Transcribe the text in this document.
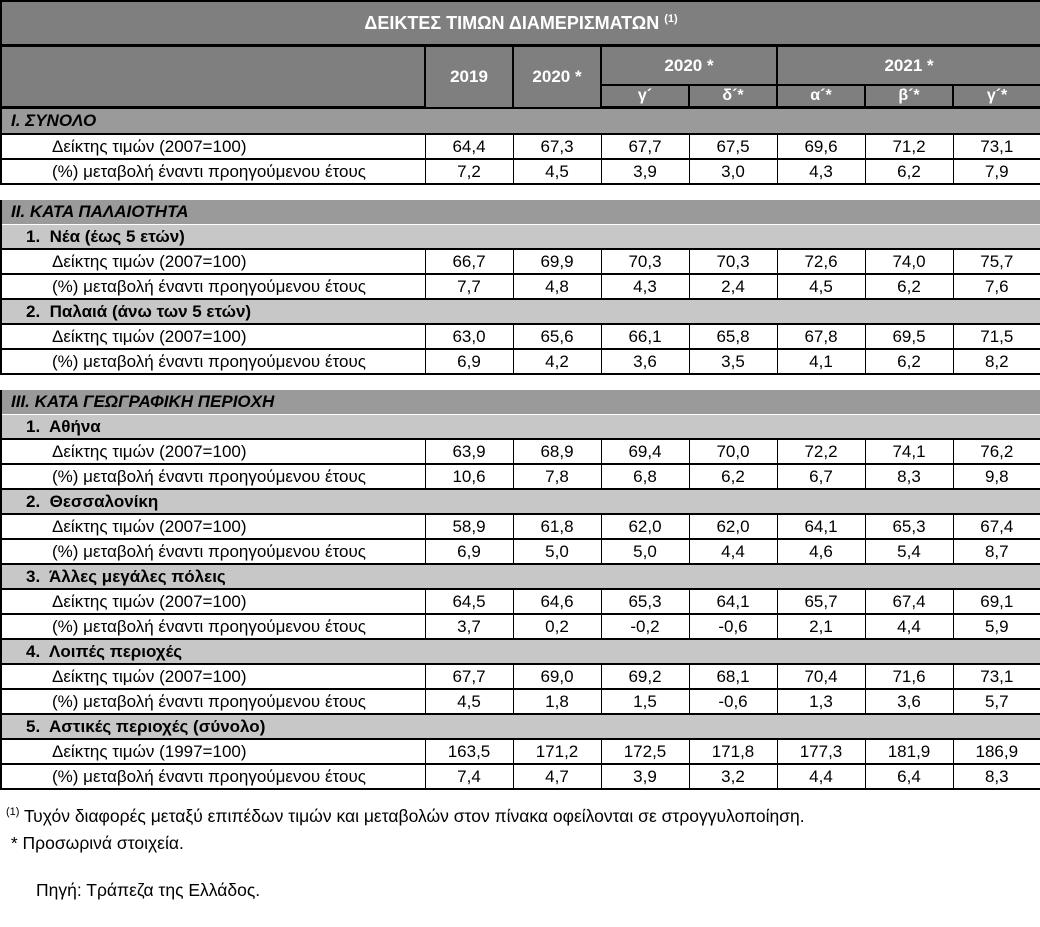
ΔΕΙΚΤΕΣ ΤΙΜΩΝ ΔΙΑΜΕΡΙΣΜΑΤΩΝ $^{(1)}$
	2019	2020 *	2020 *		2021 *		
			γ´	δ´*	α´*	β´*	γ´*
Ι. ΣΥΝΟΛΟ							
Δείκτης τιμών (2007=100)	64,4	67,3	67,7	67,5	69,6	71,2	73,1
(%) μεταβολή έναντι προηγούμενου έτους	7,2	4,5	3,9	3,0	4,3	6,2	7,9

ΙΙ. ΚΑΤΑ ΠΑΛΑΙΟΤΗΤΑ							
1.  Νέα (έως 5 ετών)							
Δείκτης τιμών (2007=100)	66,7	69,9	70,3	70,3	72,6	74,0	75,7
(%) μεταβολή έναντι προηγούμενου έτους	7,7	4,8	4,3	2,4	4,5	6,2	7,6
2.  Παλαιά (άνω των 5 ετών)							
Δείκτης τιμών (2007=100)	63,0	65,6	66,1	65,8	67,8	69,5	71,5
(%) μεταβολή έναντι προηγούμενου έτους	6,9	4,2	3,6	3,5	4,1	6,2	8,2

ΙΙΙ. ΚΑΤΑ ΓΕΩΓΡΑΦΙΚΗ ΠΕΡΙΟΧΗ							
1.  Αθήνα							
Δείκτης τιμών (2007=100)	63,9	68,9	69,4	70,0	72,2	74,1	76,2
(%) μεταβολή έναντι προηγούμενου έτους	10,6	7,8	6,8	6,2	6,7	8,3	9,8
2.  Θεσσαλονίκη							
Δείκτης τιμών (2007=100)	58,9	61,8	62,0	62,0	64,1	65,3	67,4
(%) μεταβολή έναντι προηγούμενου έτους	6,9	5,0	5,0	4,4	4,6	5,4	8,7
3.  Άλλες μεγάλες πόλεις							
Δείκτης τιμών (2007=100)	64,5	64,6	65,3	64,1	65,7	67,4	69,1
(%) μεταβολή έναντι προηγούμενου έτους	3,7	0,2	-0,2	-0,6	2,1	4,4	5,9
4.  Λοιπές περιοχές							
Δείκτης τιμών (2007=100)	67,7	69,0	69,2	68,1	70,4	71,6	73,1
(%) μεταβολή έναντι προηγούμενου έτους	4,5	1,8	1,5	-0,6	1,3	3,6	5,7
5.  Αστικές περιοχές (σύνολο)							
Δείκτης τιμών (1997=100)	163,5	171,2	172,5	171,8	177,3	181,9	186,9
(%) μεταβολή έναντι προηγούμενου έτους	7,4	4,7	3,9	3,2	4,4	6,4	8,3
$^{(1)}$ Τυχόν διαφορές μεταξύ επιπέδων τιμών και μεταβολών στον πίνακα οφείλονται σε στρογγυλοποίηση.
* Προσωρινά στοιχεία.
Πηγή: Τράπεζα της Ελλάδος.
